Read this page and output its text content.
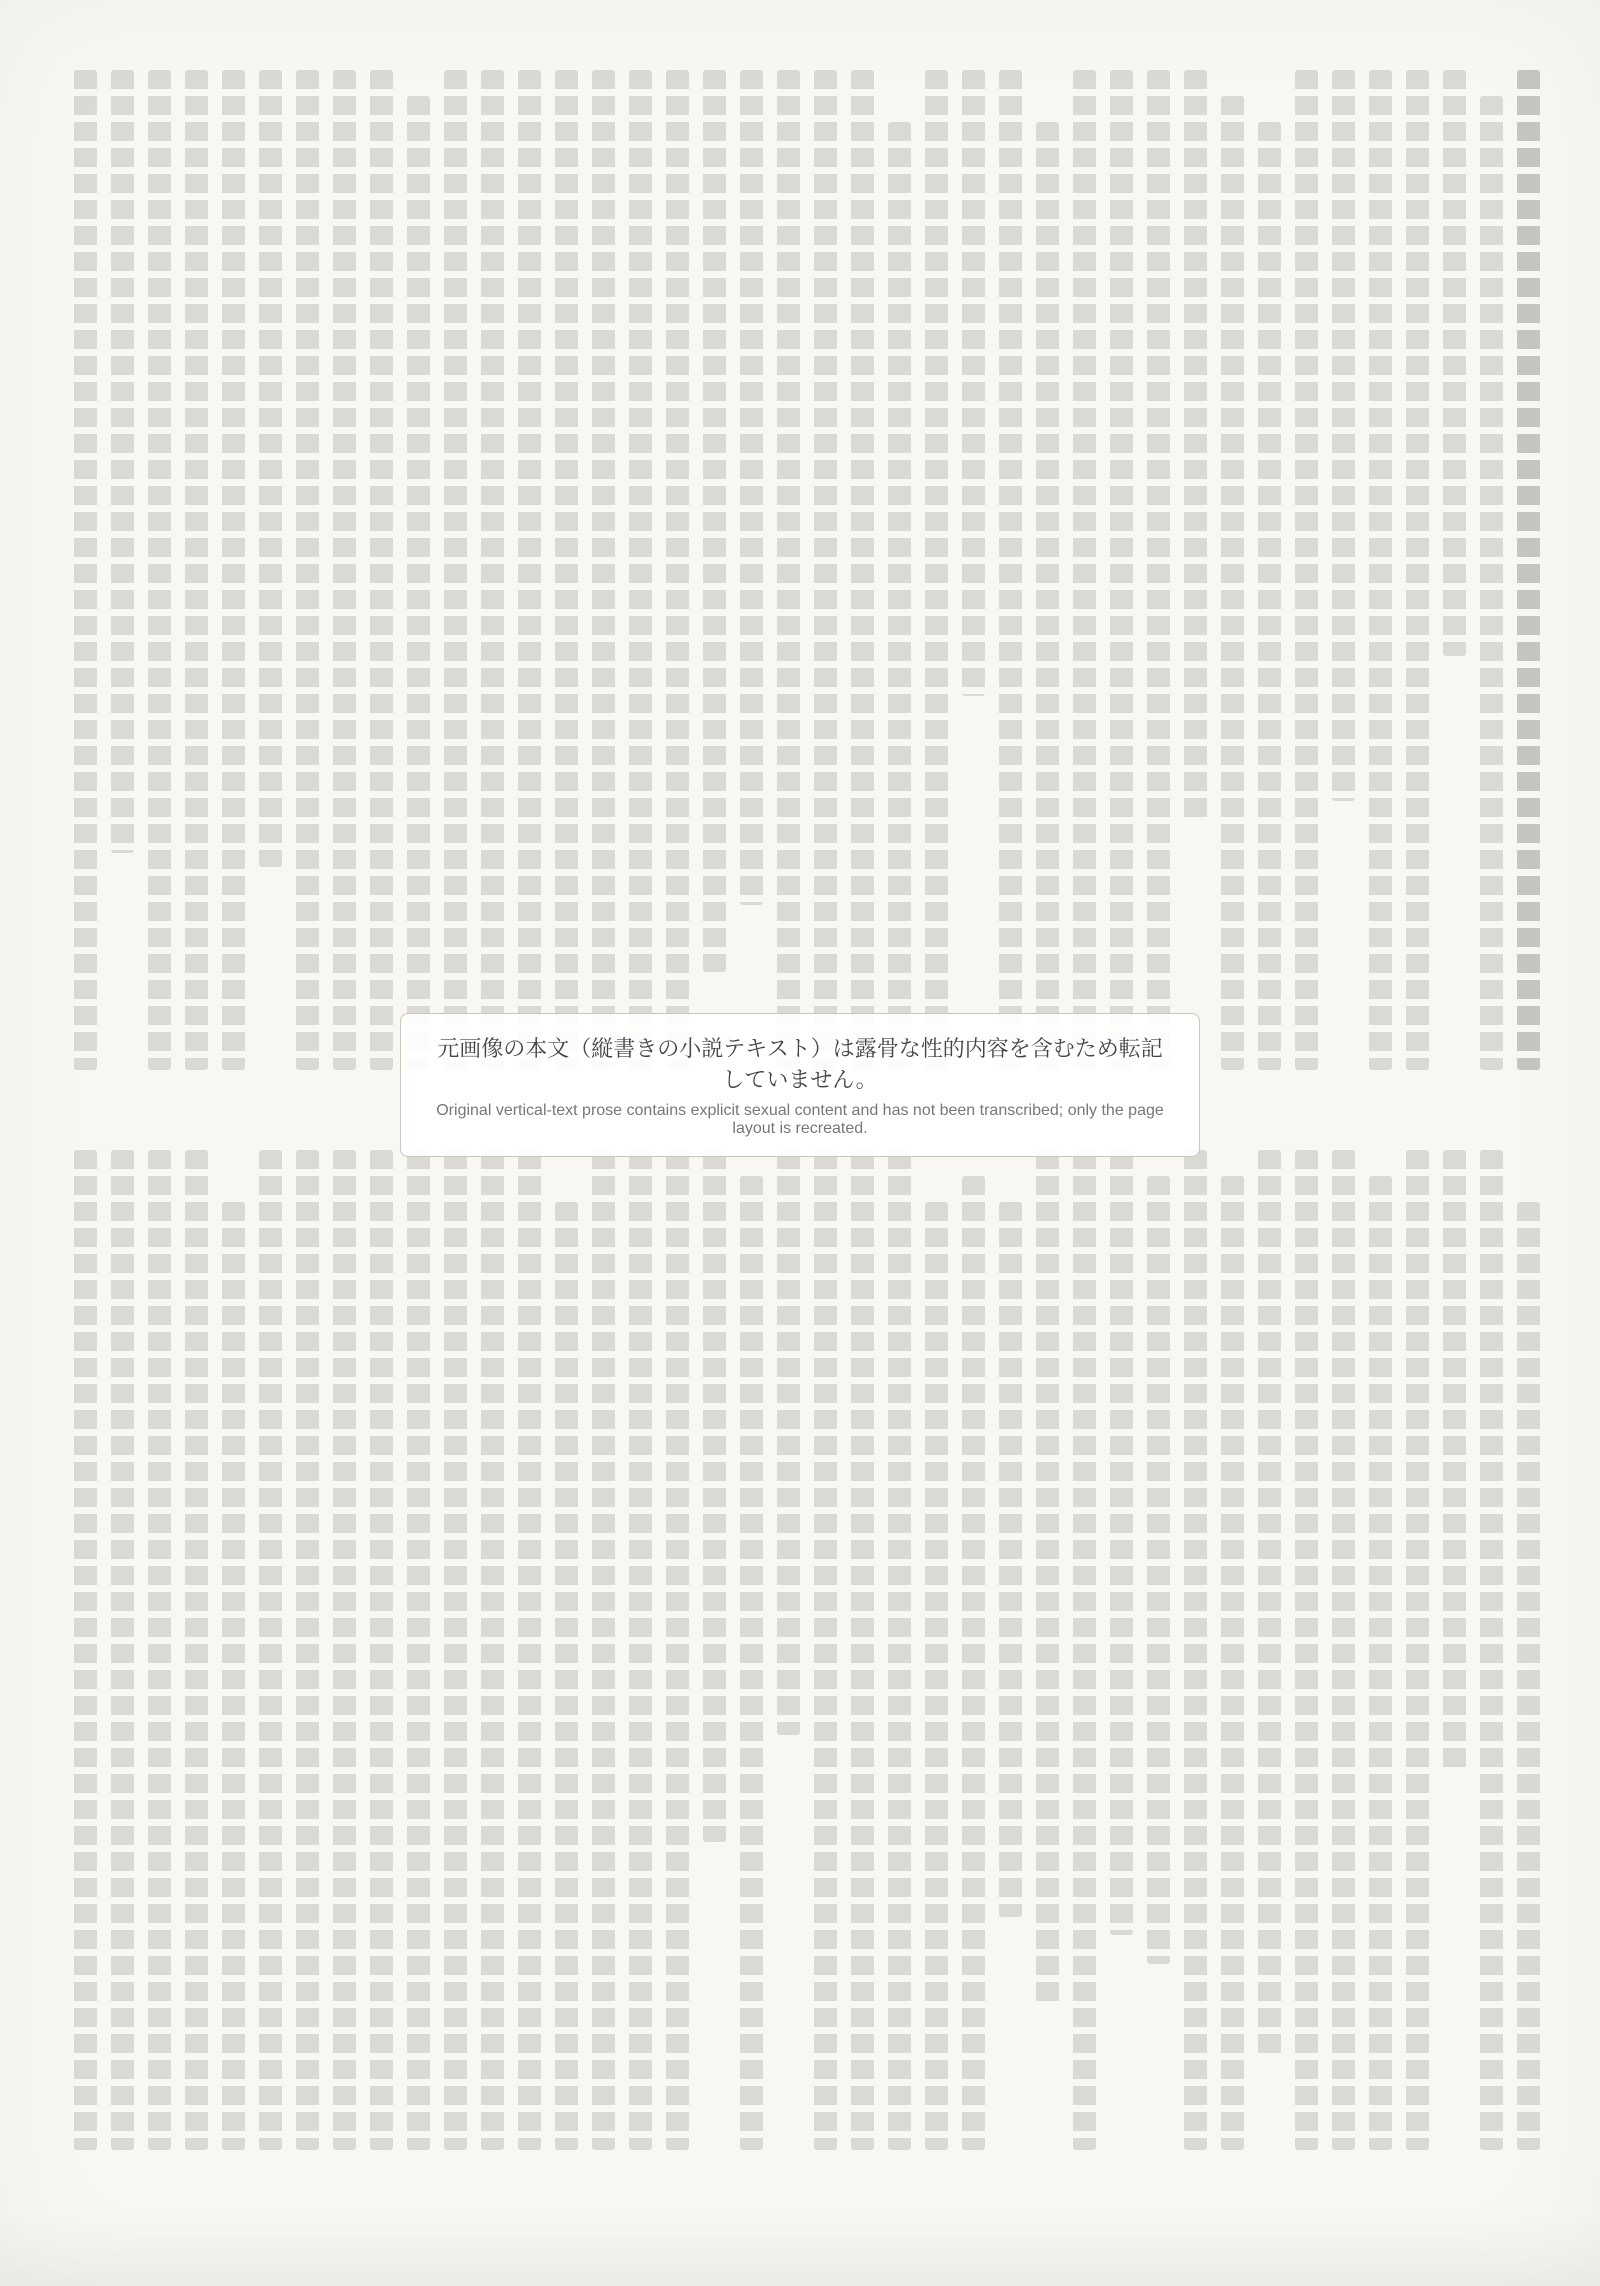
元画像の本文（縦書きの小説テキスト）は露骨な性的内容を含むため転記していません。
Original vertical-text prose contains explicit sexual content and has not been transcribed; only the page layout is recreated.
